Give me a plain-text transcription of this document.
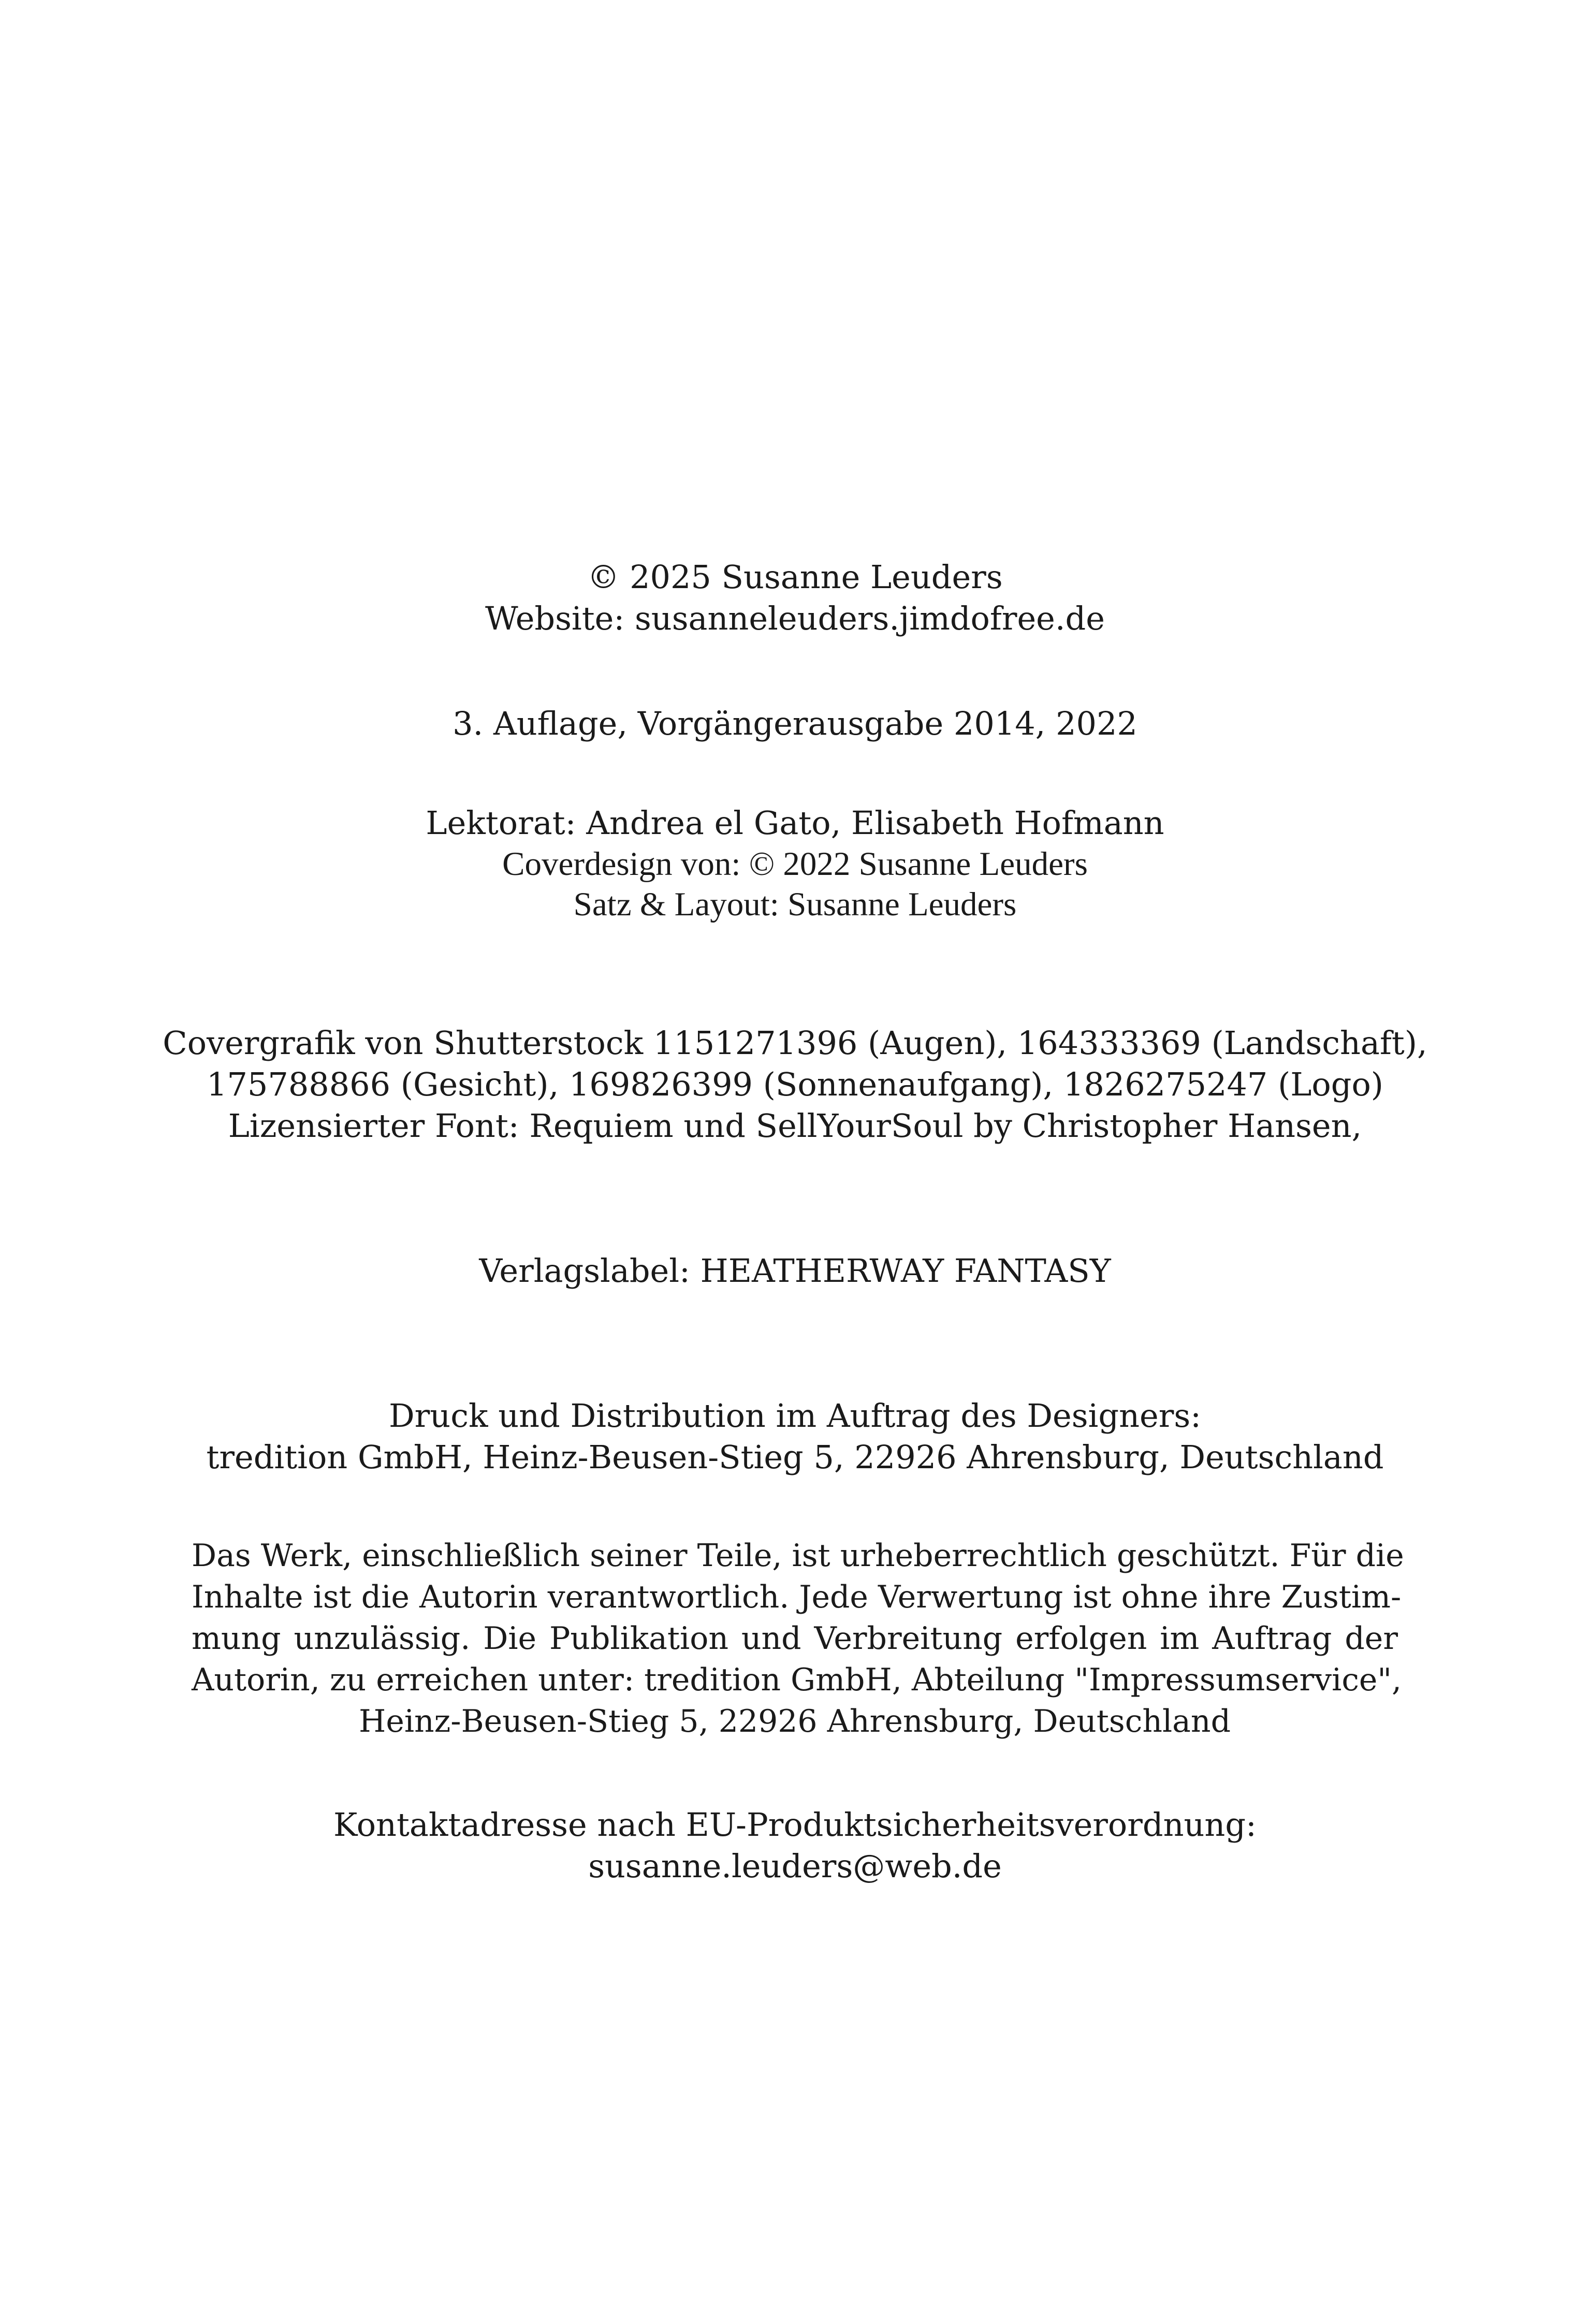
© 2025 Susanne Leuders
Website: susanneleuders.jimdofree.de
3. Auflage, Vorgängerausgabe 2014, 2022
Lektorat: Andrea el Gato, Elisabeth Hofmann
Coverdesign von: © 2022 Susanne Leuders
Satz & Layout: Susanne Leuders
Covergrafik von Shutterstock 1151271396 (Augen), 164333369 (Landschaft),
175788866 (Gesicht), 169826399 (Sonnenaufgang), 1826275247 (Logo)
Lizensierter Font: Requiem und SellYourSoul by Christopher Hansen,
Verlagslabel: HEATHERWAY FANTASY
Druck und Distribution im Auftrag des Designers:
tredition GmbH, Heinz-Beusen-Stieg 5, 22926 Ahrensburg, Deutschland
Das Werk, einschließlich seiner Teile, ist urheberrechtlich geschützt. Für die
Inhalte ist die Autorin verantwortlich. Jede Verwertung ist ohne ihre Zustim-
mung unzulässig. Die Publikation und Verbreitung erfolgen im Auftrag der
Autorin, zu erreichen unter: tredition GmbH, Abteilung "Impressumservice",
Heinz-Beusen-Stieg 5, 22926 Ahrensburg, Deutschland
Kontaktadresse nach EU-Produktsicherheitsverordnung:
susanne.leuders@web.de
